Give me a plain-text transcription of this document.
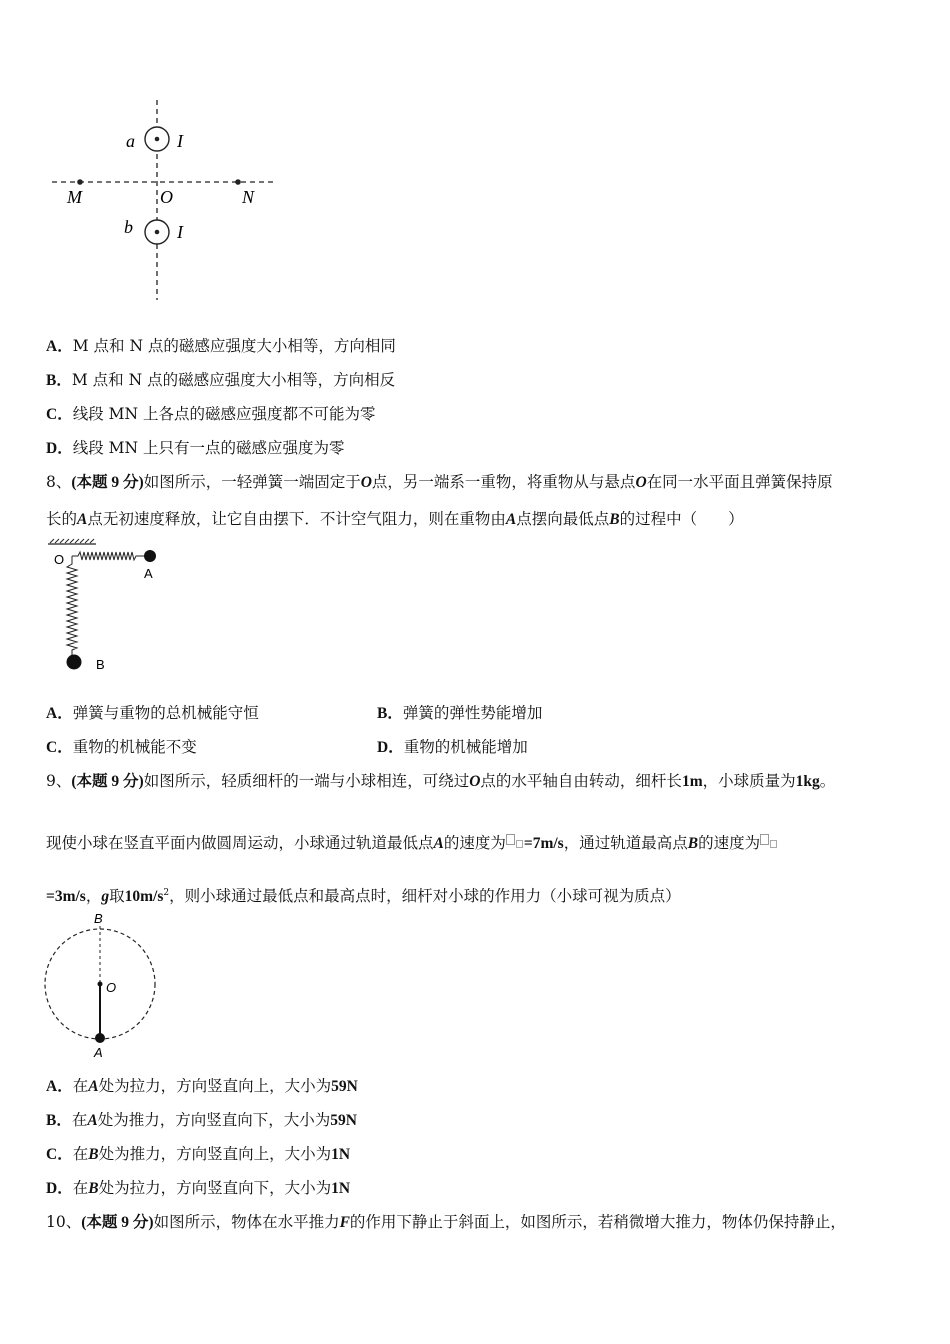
a I
M	O	N
b I
A．M 点和 N 点的磁感应强度大小相等，方向相同
B．M 点和 N 点的磁感应强度大小相等，方向相反
C．线段 MN 上各点的磁感应强度都不可能为零
D．线段 MN 上只有一点的磁感应强度为零
8、(本题 9 分)如图所示，一轻弹簧一端固定于O点，另一端系一重物，将重物从与悬点O在同一水平面且弹簧保持原
长的A点无初速度释放，让它自由摆下．不计空气阻力，则在重物由A点摆向最低点B的过程中（　　）
O
A
B
A．弹簧与重物的总机械能守恒	B．弹簧的弹性势能增加
C．重物的机械能不变	D．重物的机械能增加
9、(本题 9 分)如图所示，轻质细杆的一端与小球相连，可绕过O点的水平轴自由转动，细杆长1m，小球质量为1kg。
现使小球在竖直平面内做圆周运动，小球通过轨道最低点A的速度为 =7m/s，通过轨道最高点B的速度为
=3m/s，g取$10m/s^2$，则小球通过最低点和最高点时，细杆对小球的作用力（小球可视为质点）
B
O
A
A．在A处为拉力，方向竖直向上，大小为59N
B．在A处为推力，方向竖直向下，大小为59N
C．在B处为推力，方向竖直向上，大小为1N
D．在B处为拉力，方向竖直向下，大小为1N
10、(本题 9 分)如图所示，物体在水平推力F的作用下静止于斜面上，如图所示，若稍微增大推力，物体仍保持静止，
